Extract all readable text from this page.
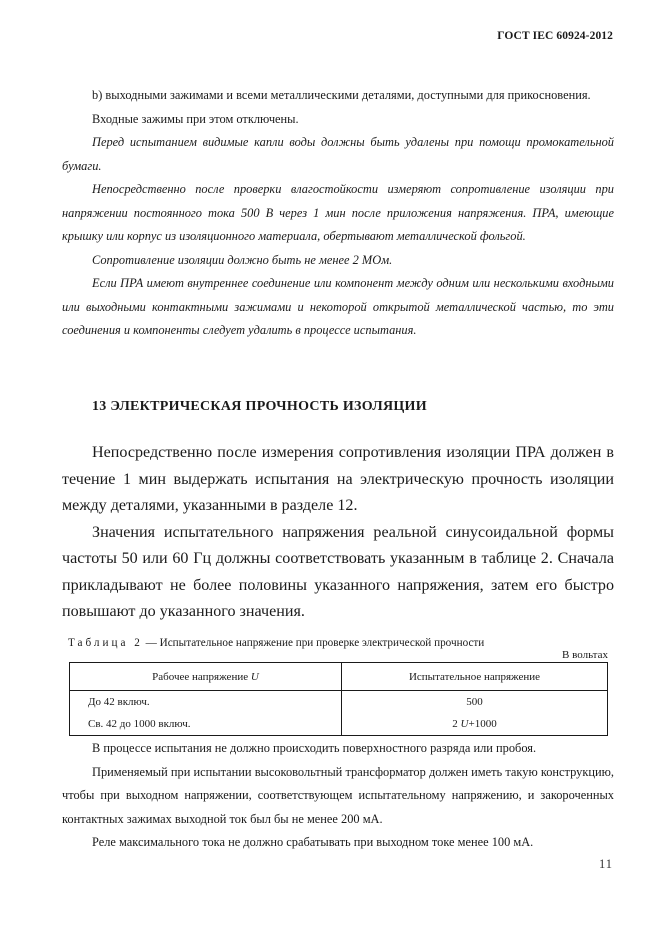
ГОСТ IEC 60924-2012

b) выходными зажимами и всеми металлическими деталями, доступными для прикосновения.

Входные зажимы при этом отключены.

Перед испытанием видимые капли воды должны быть удалены при помощи промокательной бумаги.

Непосредственно после проверки влагостойкости измеряют сопротивление изоляции при напряжении постоянного тока 500 В через 1 мин после приложения напряжения. ПРА, имеющие крышку или корпус из изоляционного материала, обертывают металлической фольгой.

Сопротивление изоляции должно быть не менее 2 МОм.

Если ПРА имеют внутреннее соединение или компонент между одним или несколькими входными или выходными контактными зажимами и некоторой открытой металлической частью, то эти соединения и компоненты следует удалить в процессе испытания.

13 ЭЛЕКТРИЧЕСКАЯ ПРОЧНОСТЬ ИЗОЛЯЦИИ

Непосредственно после измерения сопротивления изоляции ПРА должен в течение 1 мин выдержать испытания на электрическую прочность изоляции между деталями, указанными в разделе 12.

Значения испытательного напряжения реальной синусоидальной формы частоты 50 или 60 Гц должны соответствовать указанным в таблице 2. Сначала прикладывают не более половины указанного напряжения, затем его быстро повышают до указанного значения.

Таблица 2 — Испытательное напряжение при проверке электрической прочности
В вольтах
Рабочее напряжение U	Испытательное напряжение
До 42 включ.	500
Св. 42 до 1000 включ.	2 U+1000

В процессе испытания не должно происходить поверхностного разряда или пробоя.

Применяемый при испытании высоковольтный трансформатор должен иметь такую конструкцию, чтобы при выходном напряжении, соответствующем испытательному напряжению, и закороченных контактных зажимах выходной ток был бы не менее 200 мА.

Реле максимального тока не должно срабатывать при выходном токе менее 100 мА.

11
